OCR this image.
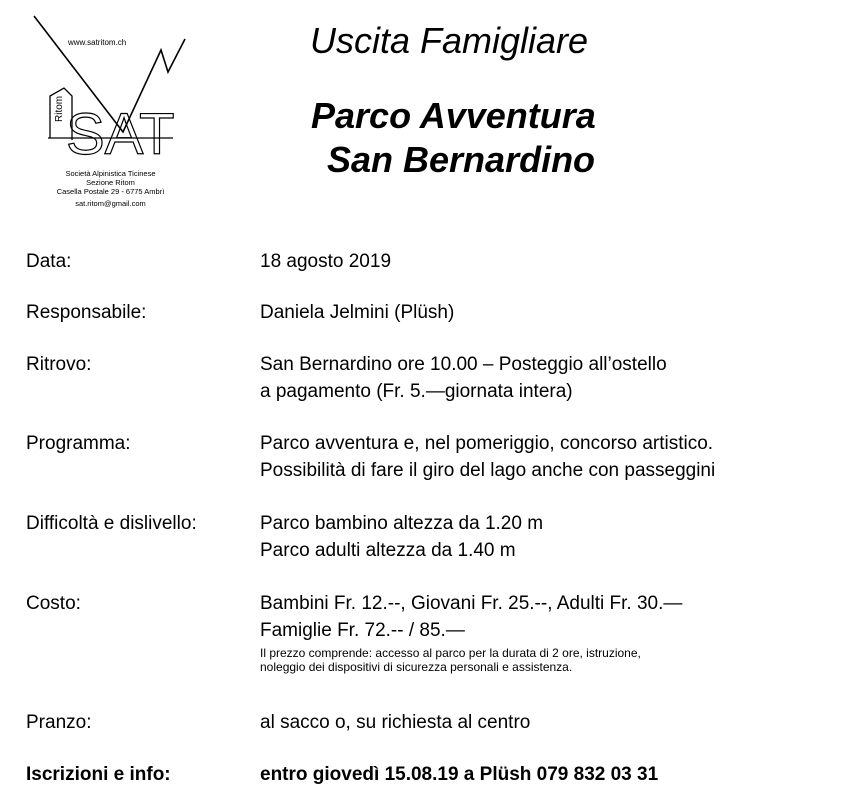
SAT
Ritom
www.satritom.ch
Società Alpinistica Ticinese
Sezione Ritom
Casella Postale 29 - 6775 Ambrì
sat.ritom@gmail.com
Uscita Famigliare
Parco Avventura
San Bernardino
Data:	18 agosto 2019
Responsabile:	Daniela Jelmini (Plüsh)
Ritrovo:	San Bernardino ore 10.00 – Posteggio all’ostello
a pagamento (Fr. 5.—giornata intera)
Programma:	Parco avventura e, nel pomeriggio, concorso artistico.
Possibilità di fare il giro del lago anche con passeggini
Difficoltà e dislivello:	Parco bambino altezza da 1.20 m
Parco adulti altezza da 1.40 m
Costo:	Bambini Fr. 12.--, Giovani Fr. 25.--, Adulti Fr. 30.—
Famiglie Fr. 72.-- / 85.—
Il prezzo comprende: accesso al parco per la durata di 2 ore, istruzione,
noleggio dei dispositivi di sicurezza personali e assistenza.
Pranzo:	al sacco o, su richiesta al centro
Iscrizioni e info:	entro giovedì 15.08.19 a Plüsh 079 832 03 31
